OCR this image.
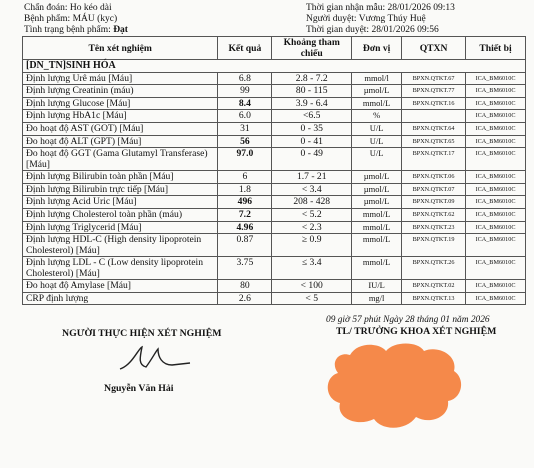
Chẩn đoán: Ho kéo dài
Bệnh phẩm: MÁU (kyc)
Tình trạng bệnh phẩm: Đạt
Thời gian nhận mẫu: 28/01/2026 09:13
Người duyệt: Vương Thúy Huệ
Thời gian duyệt: 28/01/2026 09:56
Tên xét nghiệm	Kết quả	Khoảng tham chiếu	Đơn vị	QTXN	Thiết bị
[DN_TN]SINH HÓA					
Định lượng Urê máu [Máu]	6.8	2.8 - 7.2	mmol/l	BPXN.QTKT.67	ICA_BM6010C
Định lượng Creatinin (máu)	99	80 - 115	µmol/L	BPXN.QTKT.77	ICA_BM6010C
Định lượng Glucose [Máu]	8.4	3.9 - 6.4	mmol/L	BPXN.QTKT.16	ICA_BM6010C
Định lượng HbA1c [Máu]	6.0	<6.5	%		ICA_BM6010C
Đo hoạt độ AST (GOT) [Máu]	31	0 - 35	U/L	BPXN.QTKT.64	ICA_BM6010C
Đo hoạt độ ALT (GPT) [Máu]	56	0 - 41	U/L	BPXN.QTKT.65	ICA_BM6010C
Đo hoạt độ GGT (Gama Glutamyl Transferase) [Máu]	97.0	0 - 49	U/L	BPXN.QTKT.17	ICA_BM6010C
Định lượng Bilirubin toàn phần [Máu]	6	1.7 - 21	µmol/L	BPXN.QTKT.06	ICA_BM6010C
Định lượng Bilirubin trực tiếp [Máu]	1.8	< 3.4	µmol/L	BPXN.QTKT.07	ICA_BM6010C
Định lượng Acid Uric [Máu]	496	208 - 428	µmol/L	BPXN.QTKT.09	ICA_BM6010C
Định lượng Cholesterol toàn phần (máu)	7.2	< 5.2	mmol/L	BPXN.QTKT.62	ICA_BM6010C
Định lượng Triglycerid [Máu]	4.96	< 2.3	mmol/L	BPXN.QTKT.23	ICA_BM6010C
Định lượng HDL-C (High density lipoprotein Cholesterol) [Máu]	0.87	≥ 0.9	mmol/L	BPXN.QTKT.19	ICA_BM6010C
Định lượng LDL - C (Low density lipoprotein Cholesterol) [Máu]	3.75	≤ 3.4	mmol/L	BPXN.QTKT.26	ICA_BM6010C
Đo hoạt độ Amylase [Máu]	80	< 100	IU/L	BPXN.QTKT.02	ICA_BM6010C
CRP định lượng	2.6	< 5	mg/l	BPXN.QTKT.13	ICA_BM6010C
09 giờ 57 phút Ngày 28 tháng 01 năm 2026
NGƯỜI THỰC HIỆN XÉT NGHIỆM	TL/ TRƯỞNG KHOA XÉT NGHIỆM
Nguyễn Văn Hải
